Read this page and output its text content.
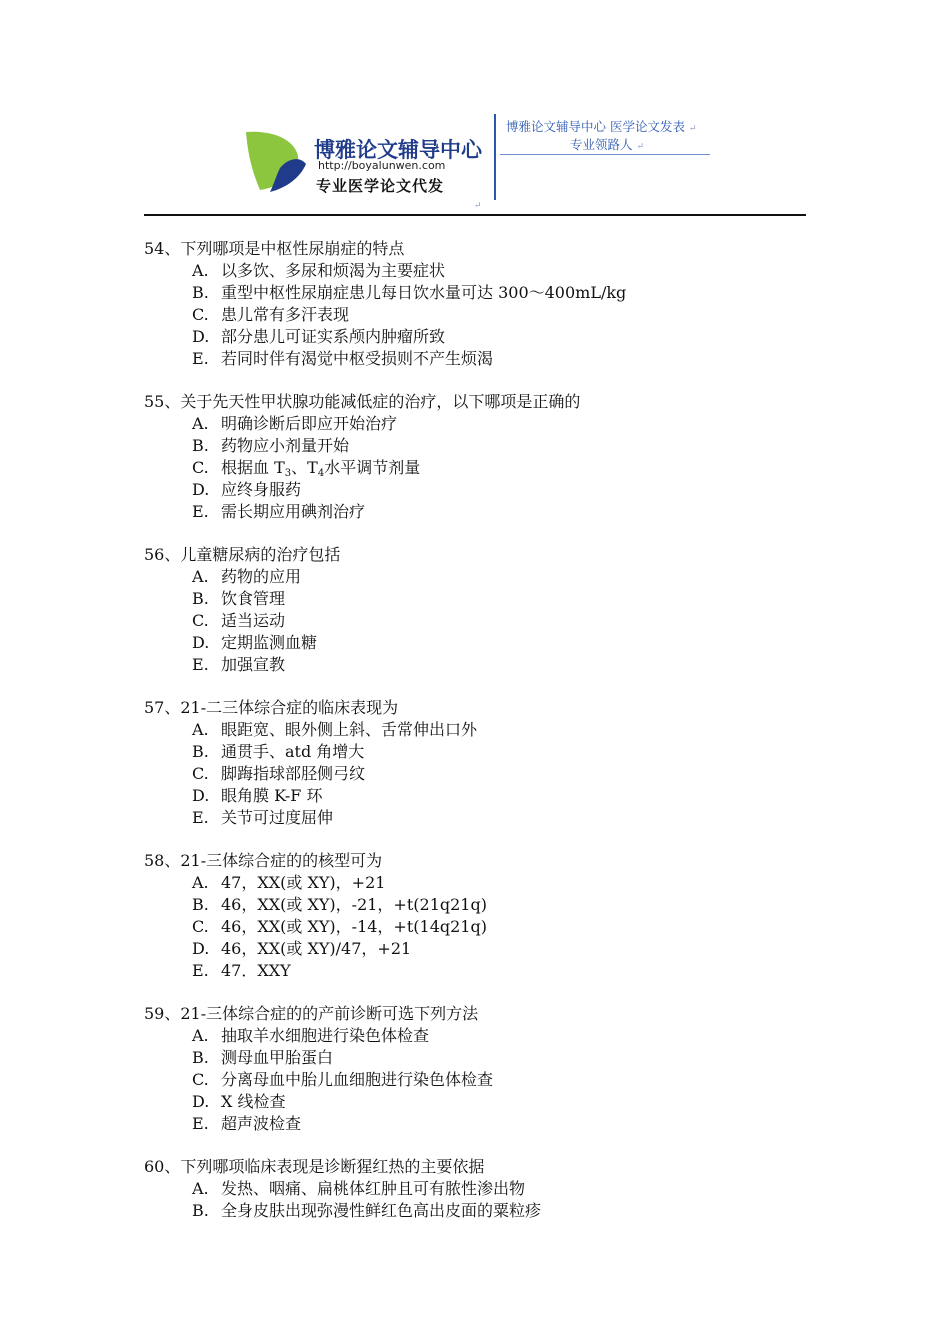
博雅论文辅导中心
http://boyalunwen.com
专业医学论文代发
博雅论文辅导中心 医学论文发表 ↵
专业领路人 ↵
↵
54、下列哪项是中枢性尿崩症的特点
A. 以多饮、多尿和烦渴为主要症状
B. 重型中枢性尿崩症患儿每日饮水量可达 300～400mL/kg
C. 患儿常有多汗表现
D. 部分患儿可证实系颅内肿瘤所致
E. 若同时伴有渴觉中枢受损则不产生烦渴
55、关于先天性甲状腺功能减低症的治疗，以下哪项是正确的
A. 明确诊断后即应开始治疗
B. 药物应小剂量开始
C. 根据血 $T_3$、$T_4$水平调节剂量
D. 应终身服药
E. 需长期应用碘剂治疗
56、儿童糖尿病的治疗包括
A. 药物的应用
B. 饮食管理
C. 适当运动
D. 定期监测血糖
E. 加强宣教
57、21-二三体综合症的临床表现为
A. 眼距宽、眼外侧上斜、舌常伸出口外
B. 通贯手、atd 角增大
C. 脚踇指球部胫侧弓纹
D. 眼角膜 K-F 环
E. 关节可过度屈伸
58、21-三体综合症的的核型可为
A. 47，XX(或 XY)，+21
B. 46，XX(或 XY)，-21，+t(21q21q)
C. 46，XX(或 XY)，-14，+t(14q21q)
D. 46，XX(或 XY)/47，+21
E. 47．XXY
59、21-三体综合症的的产前诊断可选下列方法
A. 抽取羊水细胞进行染色体检查
B. 测母血甲胎蛋白
C. 分离母血中胎儿血细胞进行染色体检查
D. X 线检查
E. 超声波检查
60、下列哪项临床表现是诊断猩红热的主要依据
A. 发热、咽痛、扁桃体红肿且可有脓性渗出物
B. 全身皮肤出现弥漫性鲜红色高出皮面的粟粒疹
